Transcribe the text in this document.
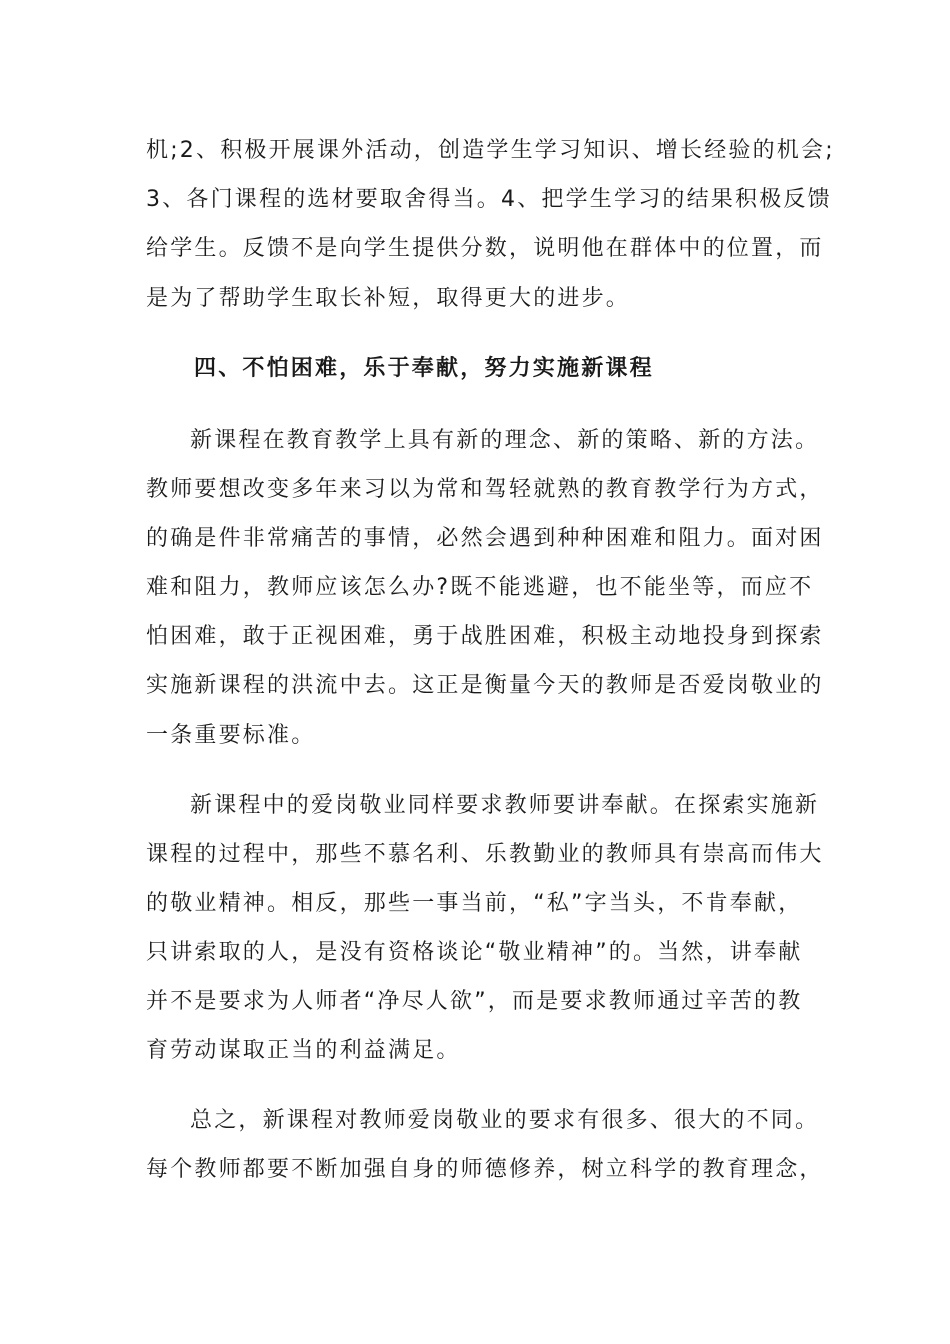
机;2、积极开展课外活动，创造学生学习知识、增长经验的机会;
3、各门课程的选材要取舍得当。4、把学生学习的结果积极反馈
给学生。反馈不是向学生提供分数，说明他在群体中的位置，而
是为了帮助学生取长补短，取得更大的进步。
四、不怕困难，乐于奉献，努力实施新课程
新课程在教育教学上具有新的理念、新的策略、新的方法。
教师要想改变多年来习以为常和驾轻就熟的教育教学行为方式，
的确是件非常痛苦的事情，必然会遇到种种困难和阻力。面对困
难和阻力，教师应该怎么办?既不能逃避，也不能坐等，而应不
怕困难，敢于正视困难，勇于战胜困难，积极主动地投身到探索
实施新课程的洪流中去。这正是衡量今天的教师是否爱岗敬业的
一条重要标准。
新课程中的爱岗敬业同样要求教师要讲奉献。在探索实施新
课程的过程中，那些不慕名利、乐教勤业的教师具有崇高而伟大
的敬业精神。相反，那些一事当前，“私”字当头，不肯奉献，
只讲索取的人，是没有资格谈论“敬业精神”的。当然，讲奉献
并不是要求为人师者“净尽人欲”，而是要求教师通过辛苦的教
育劳动谋取正当的利益满足。
总之，新课程对教师爱岗敬业的要求有很多、很大的不同。
每个教师都要不断加强自身的师德修养，树立科学的教育理念，
